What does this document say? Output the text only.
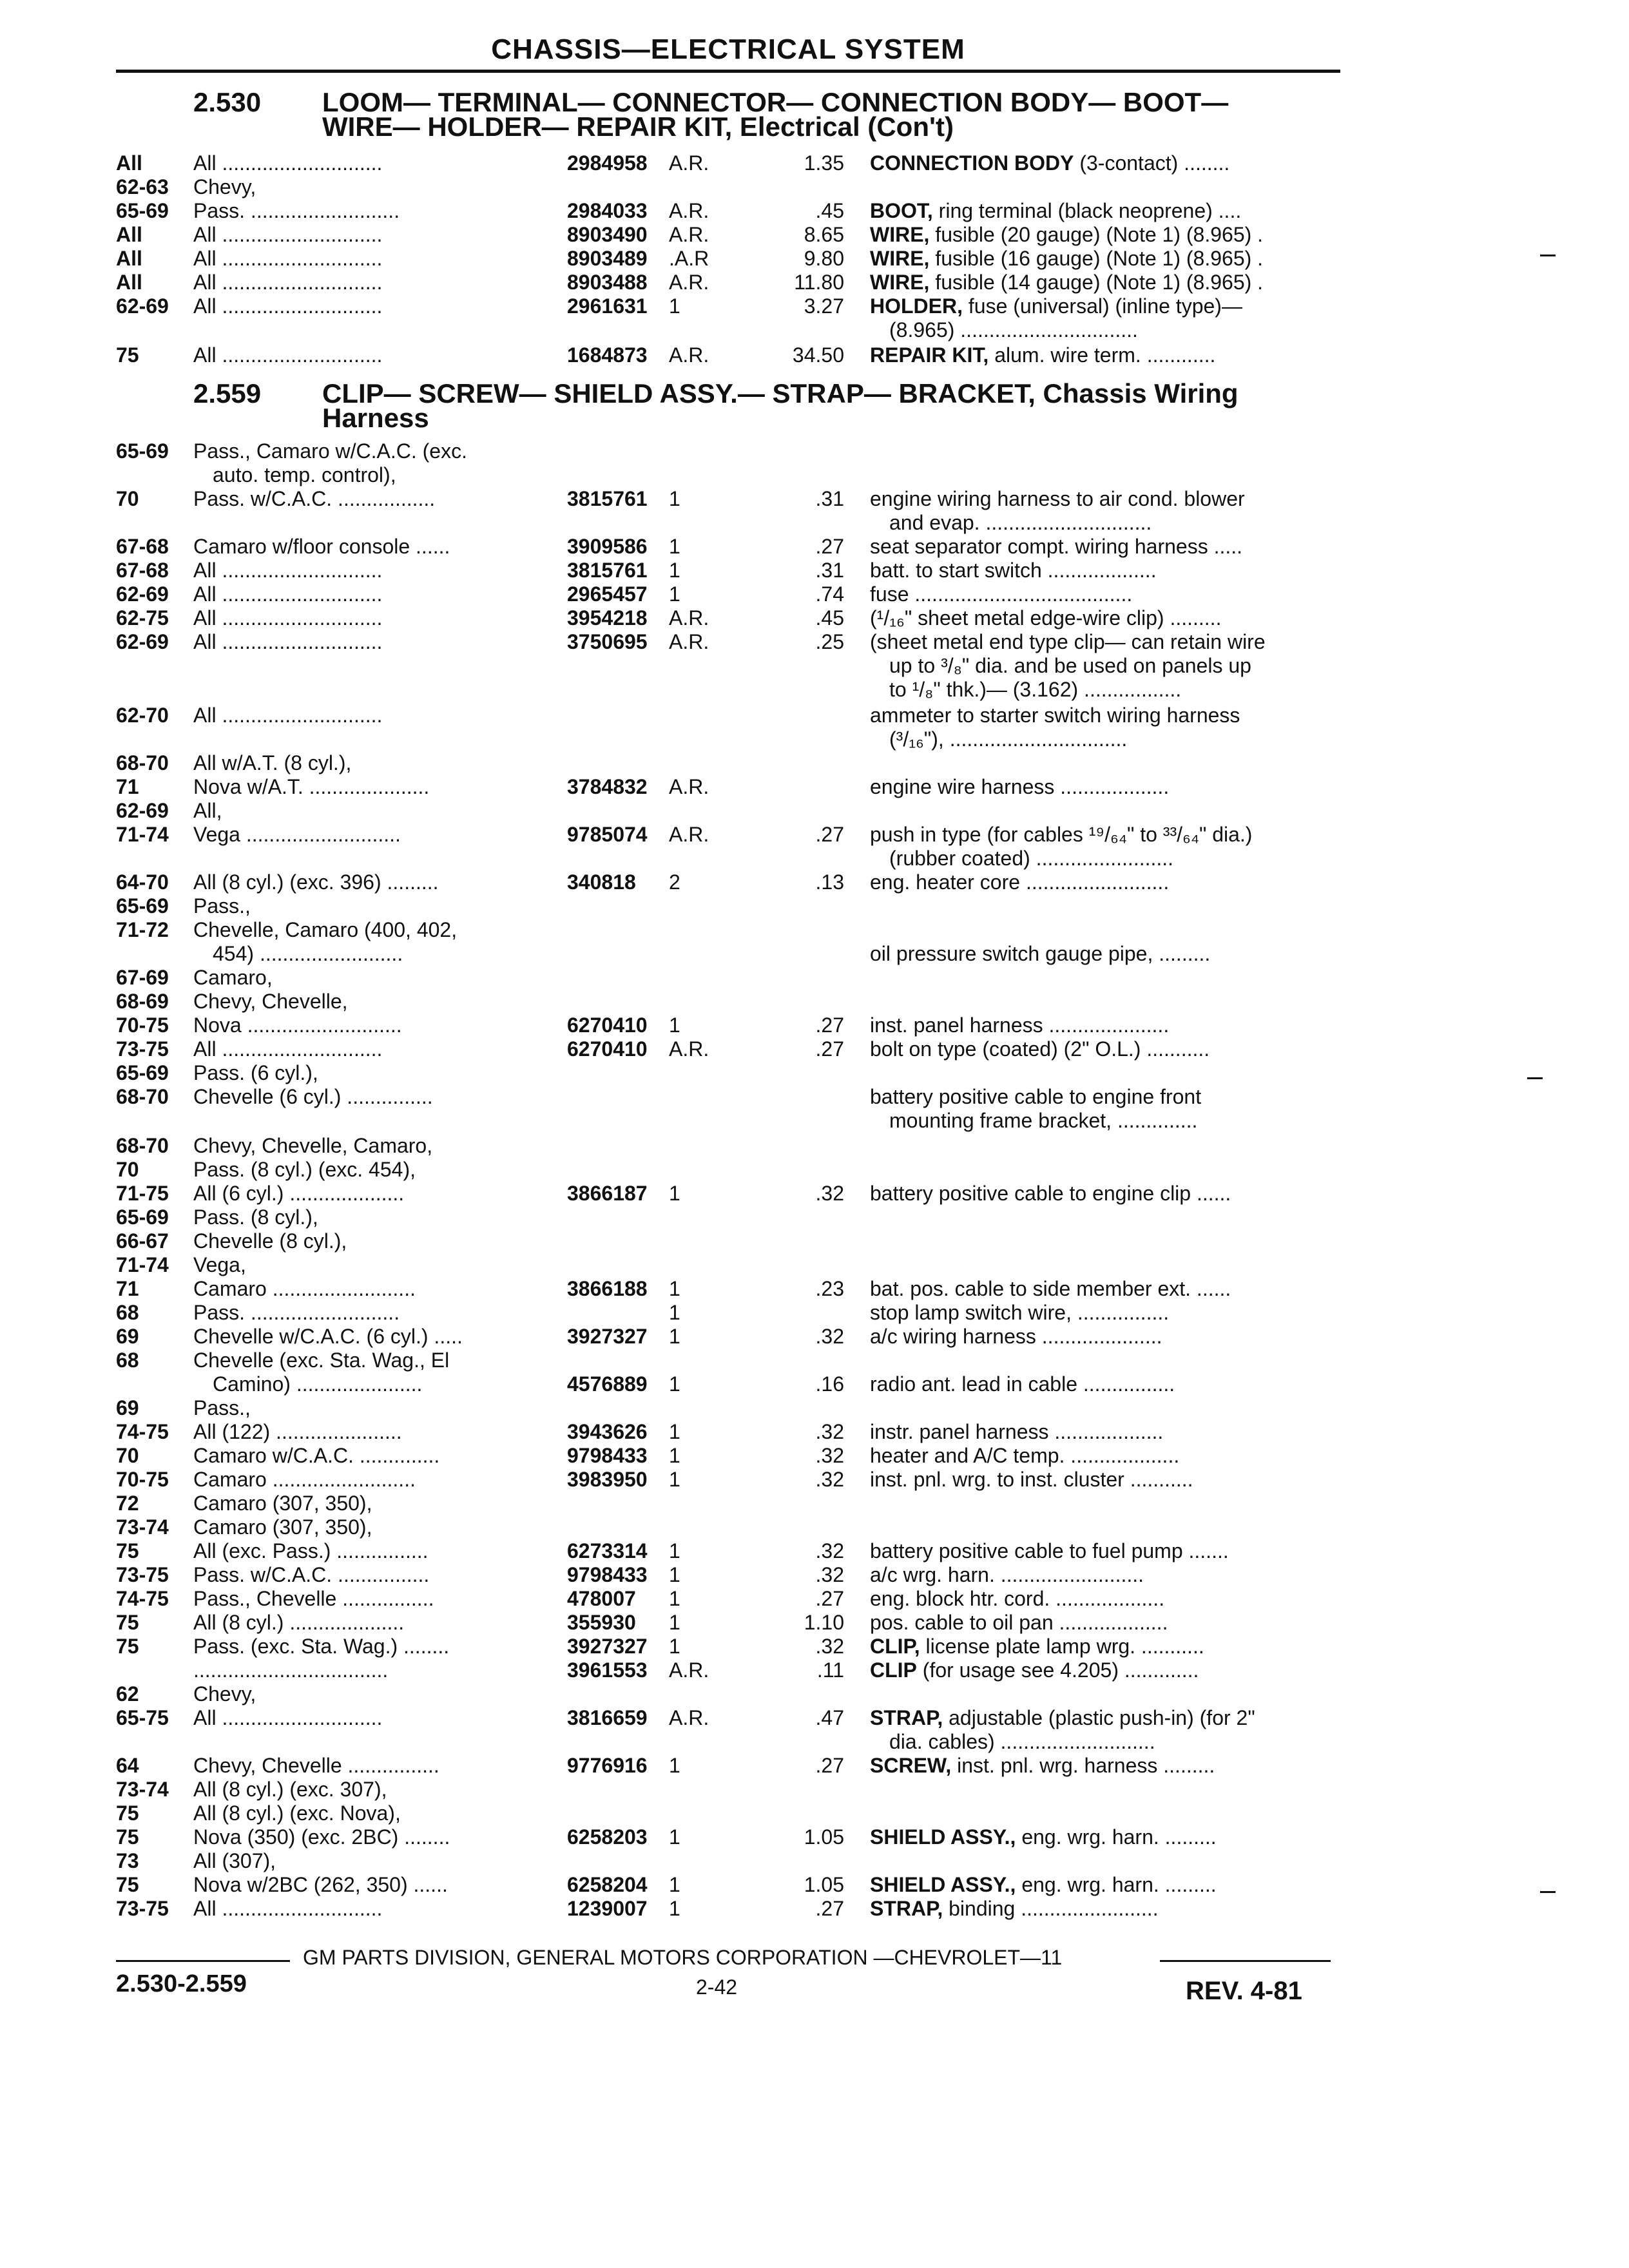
CHASSIS—ELECTRICAL SYSTEM
2.530 LOOM— TERMINAL— CONNECTOR— CONNECTION BODY— BOOT—
WIRE— HOLDER— REPAIR KIT, Electrical (Con't)
All All ............................	2984958 A.R.	1.35 CONNECTION BODY (3-contact) ........
62-63 Chevy,
65-69 Pass. ..........................	2984033 A.R.	.45 BOOT, ring terminal (black neoprene) ....
All All ............................	8903490 A.R.	8.65 WIRE, fusible (20 gauge) (Note 1) (8.965) .
All All ............................	8903489 .A.R	9.80 WIRE, fusible (16 gauge) (Note 1) (8.965) .
All All ............................	8903488 A.R.	11.80 WIRE, fusible (14 gauge) (Note 1) (8.965) .
62-69 All ............................	2961631 1	3.27 HOLDER, fuse (universal) (inline type)—
(8.965) ...............................
75	All ............................	1684873 A.R.	34.50 REPAIR KIT, alum. wire term. ............
2.559 CLIP— SCREW— SHIELD ASSY.— STRAP— BRACKET, Chassis Wiring
Harness
65-69 Pass., Camaro w/C.A.C. (exc.
auto. temp. control),
70	Pass. w/C.A.C. .................	3815761 1	.31 engine wiring harness to air cond. blower
and evap. .............................
67-68 Camaro w/floor console ......	3909586 1	.27 seat separator compt. wiring harness .....
67-68 All ............................	3815761 1	.31 batt. to start switch ...................
62-69 All ............................	2965457 1	.74 fuse ......................................
62-75 All ............................	3954218 A.R.	.45 (¹/₁₆" sheet metal edge-wire clip) .........
62-69 All ............................	3750695 A.R.	.25 (sheet metal end type clip— can retain wire
up to ³/₈" dia. and be used on panels up
to ¹/₈" thk.)— (3.162) .................
62-70 All ............................	ammeter to starter switch wiring harness
(³/₁₆"), ...............................
68-70 All w/A.T. (8 cyl.),
71	Nova w/A.T. .....................	3784832 A.R.	engine wire harness ...................
62-69 All,
71-74 Vega ...........................	9785074 A.R.	.27 push in type (for cables ¹⁹/₆₄" to ³³/₆₄" dia.)
(rubber coated) ........................
64-70 All (8 cyl.) (exc. 396) .........	340818 2	.13 eng. heater core .........................
65-69 Pass.,
71-72 Chevelle, Camaro (400, 402,
454) .........................	oil pressure switch gauge pipe, .........
67-69 Camaro,
68-69 Chevy, Chevelle,
70-75 Nova ...........................	6270410 1	.27 inst. panel harness .....................
73-75 All ............................	6270410 A.R.	.27 bolt on type (coated) (2" O.L.) ...........
65-69 Pass. (6 cyl.),
68-70 Chevelle (6 cyl.) ...............	battery positive cable to engine front
mounting frame bracket, ..............
68-70 Chevy, Chevelle, Camaro,
70	Pass. (8 cyl.) (exc. 454),
71-75 All (6 cyl.) ....................	3866187 1	.32 battery positive cable to engine clip ......
65-69 Pass. (8 cyl.),
66-67 Chevelle (8 cyl.),
71-74 Vega,
71	Camaro .........................	3866188 1	.23 bat. pos. cable to side member ext. ......
68	Pass. ..........................	1	stop lamp switch wire, ................
69	Chevelle w/C.A.C. (6 cyl.) .....	3927327 1	.32 a/c wiring harness .....................
68	Chevelle (exc. Sta. Wag., El
Camino) ......................	4576889 1	.16 radio ant. lead in cable ................
69	Pass.,
74-75 All (122) ......................	3943626 1	.32 instr. panel harness ...................
70	Camaro w/C.A.C. ..............	9798433 1	.32 heater and A/C temp. ...................
70-75 Camaro .........................	3983950 1	.32 inst. pnl. wrg. to inst. cluster ...........
72	Camaro (307, 350),
73-74 Camaro (307, 350),
75	All (exc. Pass.) ................	6273314 1	.32 battery positive cable to fuel pump .......
73-75 Pass. w/C.A.C. ................	9798433 1	.32 a/c wrg. harn. .........................
74-75 Pass., Chevelle ................	478007 1	.27 eng. block htr. cord. ...................
75	All (8 cyl.) ....................	355930 1	1.10 pos. cable to oil pan ...................
75	Pass. (exc. Sta. Wag.) ........	3927327 1	.32 CLIP, license plate lamp wrg. ...........
..................................	3961553 A.R.	.11 CLIP (for usage see 4.205) .............
62	Chevy,
65-75 All ............................	3816659 A.R.	.47 STRAP, adjustable (plastic push-in) (for 2"
dia. cables) ...........................
64	Chevy, Chevelle ................	9776916 1	.27 SCREW, inst. pnl. wrg. harness .........
73-74 All (8 cyl.) (exc. 307),
75	All (8 cyl.) (exc. Nova),
75	Nova (350) (exc. 2BC) ........	6258203 1	1.05 SHIELD ASSY., eng. wrg. harn. .........
73	All (307),
75	Nova w/2BC (262, 350) ......	6258204 1	1.05 SHIELD ASSY., eng. wrg. harn. .........
73-75 All ............................	1239007 1	.27 STRAP, binding ........................
GM PARTS DIVISION, GENERAL MOTORS CORPORATION —CHEVROLET—11
2.530-2.559	2-42	REV. 4-81
